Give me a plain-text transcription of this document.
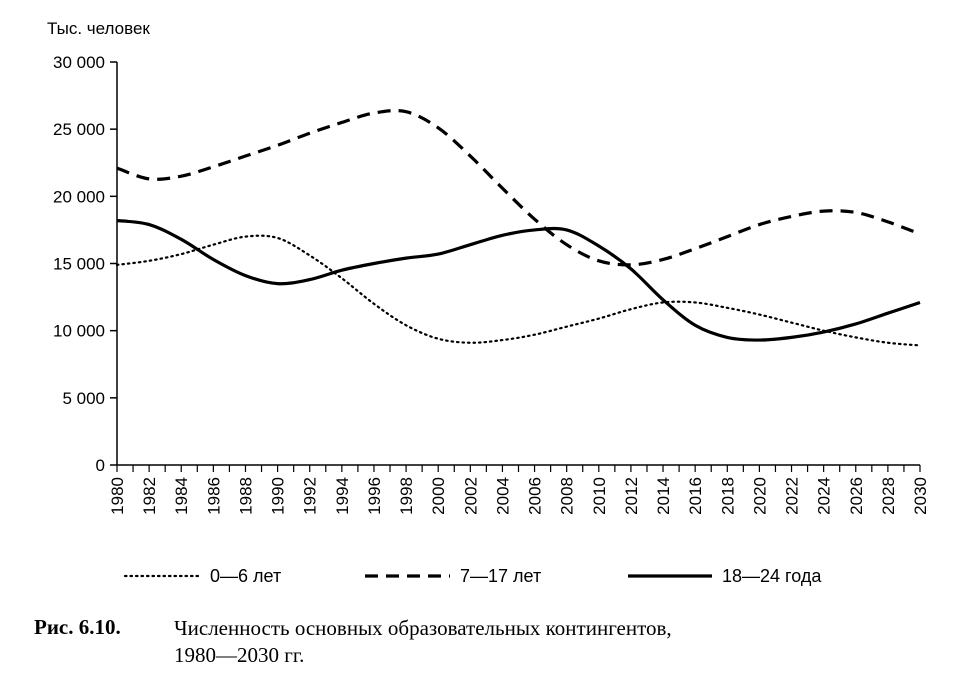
Тыс. человек
0
5 000
10 000
15 000
20 000
25 000
30 000
1980 1982 1984 1986 1988 1990 1992 1994 1996 1998 2000 2002 2004 2006 2008 2010 2012 2014 2016 2018 2020 2022 2024 2026 2028 2030
0—6 лет	7—17 лет	18—24 года
Рис. 6.10.	Численность основных образовательных контингентов,
1980—2030 гг.
